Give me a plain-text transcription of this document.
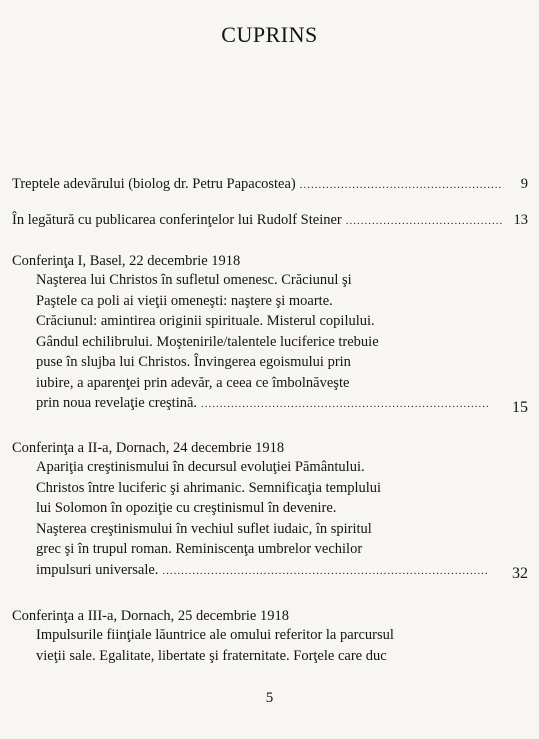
CUPRINS
Treptele adevărului (biolog dr. Petru Papacostea) .....	9
În legătură cu publicarea conferinţelor lui Rudolf Steiner .....	13
Conferinţa I, Basel, 22 decembrie 1918
Naşterea lui Christos în sufletul omenesc. Crăciunul şi
Paştele ca poli ai vieţii omeneşti: naştere şi moarte.
Crăciunul: amintirea originii spirituale. Misterul copilului.
Gândul echilibrului. Moştenirile/talentele luciferice trebuie
puse în slujba lui Christos. Învingerea egoismului prin
iubire, a aparenţei prin adevăr, a ceea ce îmbolnăveşte
prin noua revelaţie creştină. .....	15
Conferinţa a II-a, Dornach, 24 decembrie 1918
Apariţia creştinismului în decursul evoluţiei Pământului.
Christos între luciferic şi ahrimanic. Semnificaţia templului
lui Solomon în opoziţie cu creştinismul în devenire.
Naşterea creştinismului în vechiul suflet iudaic, în spiritul
grec şi în trupul roman. Reminiscenţa umbrelor vechilor
impulsuri universale. .....	32
Conferinţa a III-a, Dornach, 25 decembrie 1918
Impulsurile fiinţiale lăuntrice ale omului referitor la parcursul
vieţii sale. Egalitate, libertate şi fraternitate. Forţele care duc
5
